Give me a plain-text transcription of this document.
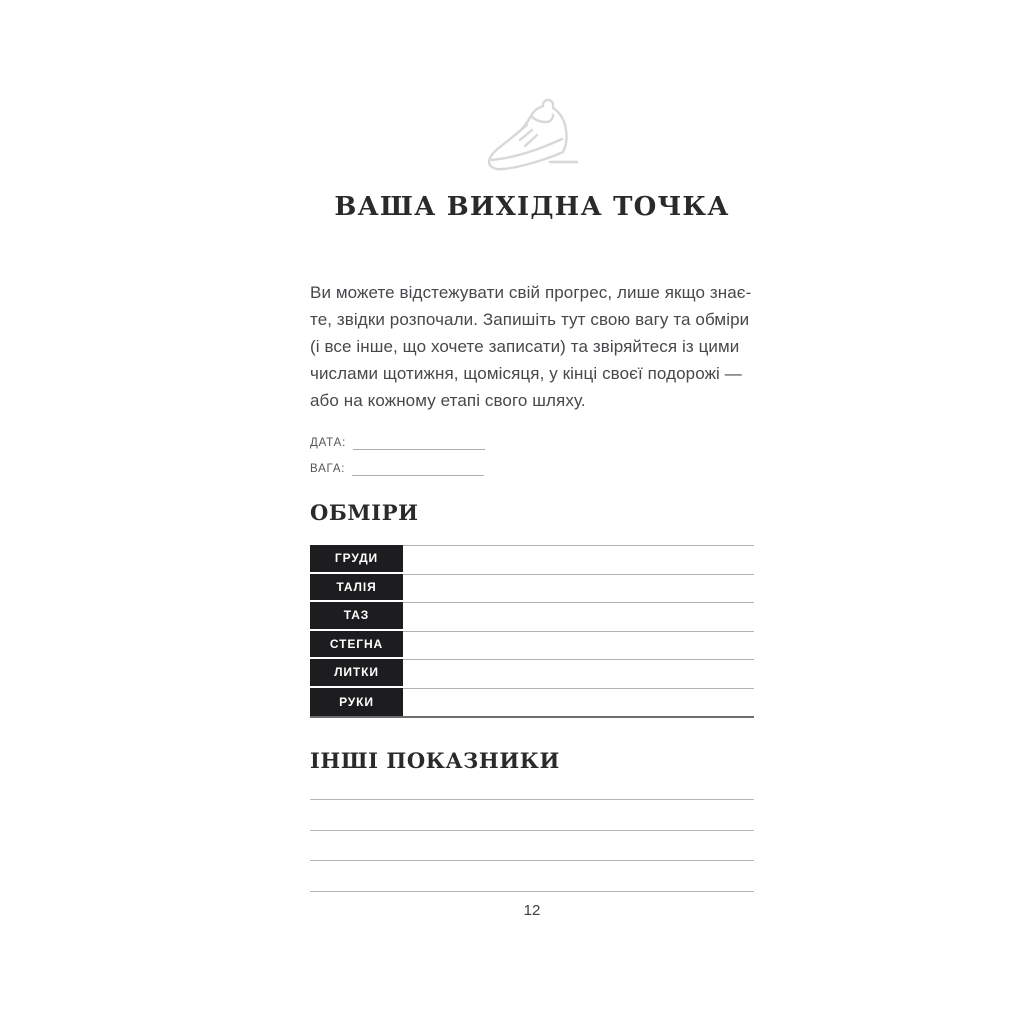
ВАША ВИХІДНА ТОЧКА
Ви можете відстежувати свій прогрес, лише якщо знає-
те, звідки розпочали. Запишіть тут свою вагу та обміри
(і все інше, що хочете записати) та звіряйтеся із цими
числами щотижня, щомісяця, у кінці своєї подорожі —
або на кожному етапі свого шляху.
ДАТА:
ВАГА:
ОБМІРИ
ГРУДИ
ТАЛІЯ
ТАЗ
СТЕГНА
ЛИТКИ
РУКИ
ІНШІ ПОКАЗНИКИ
12
